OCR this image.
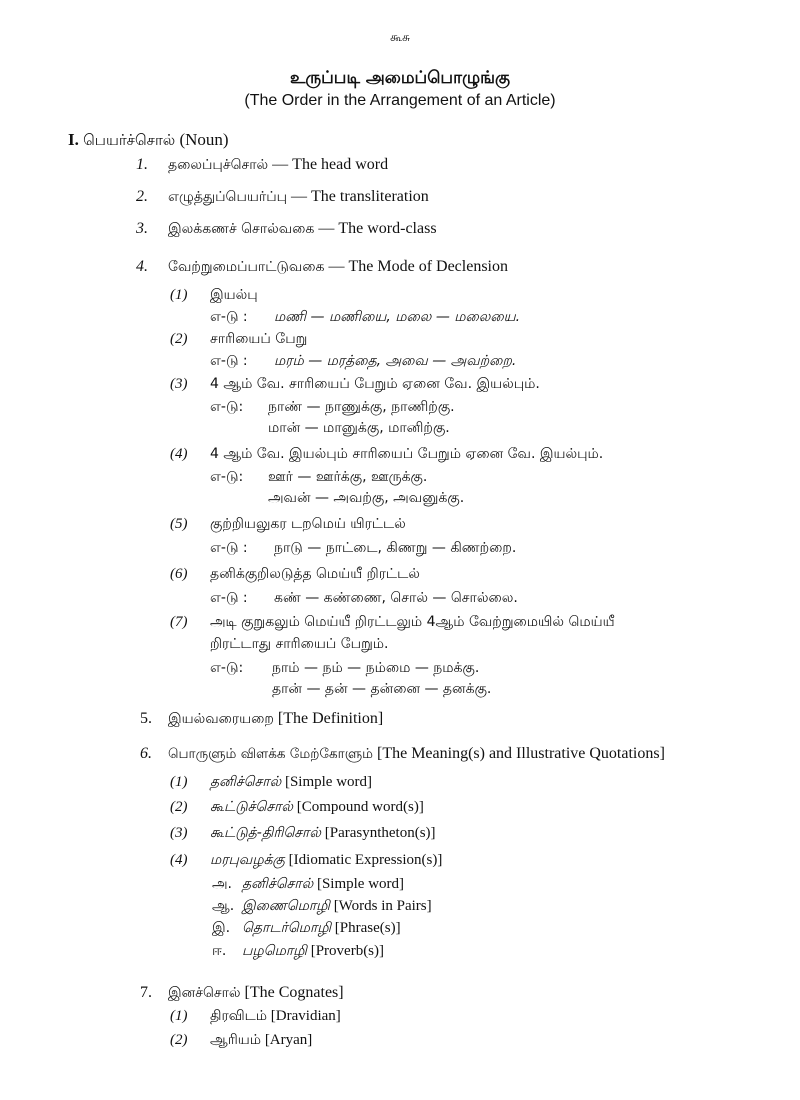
கூசு
உருப்படி அமைப்பொழுங்கு
(The Order in the Arrangement of an Article)
I. பெயர்ச்சொல் (Noun)
1. தலைப்புச்சொல் — The head word
2. எழுத்துப்பெயர்ப்பு — The transliteration
3. இலக்கணச் சொல்வகை — The word-class
4. வேற்றுமைப்பாட்டுவகை — The Mode of Declension
(1) இயல்பு
எ-டு : மணி — மணியை, மலை — மலையை.
(2) சாரியைப் பேறு
எ-டு : மரம் — மரத்தை, அவை — அவற்றை.
(3) 4 ஆம் வே. சாரியைப் பேறும் ஏனை வே. இயல்பும்.
எ-டு: நாண் — நாணுக்கு, நாணிற்கு.
மான் — மானுக்கு, மானிற்கு.
(4) 4 ஆம் வே. இயல்பும் சாரியைப் பேறும் ஏனை வே. இயல்பும்.
எ-டு: ஊர் — ஊர்க்கு, ஊருக்கு.
அவன் — அவற்கு, அவனுக்கு.
(5) குற்றியலுகர டறமெய் யிரட்டல்
எ-டு : நாடு — நாட்டை, கிணறு — கிணற்றை.
(6) தனிக்குறிலடுத்த மெய்யீ றிரட்டல்
எ-டு : கண் — கண்ணை, சொல் — சொல்லை.
(7) அடி குறுகலும் மெய்யீ றிரட்டலும் 4ஆம் வேற்றுமையில் மெய்யீ
றிரட்டாது சாரியைப் பேறும்.
எ-டு: நாம் — நம் — நம்மை — நமக்கு.
தான் — தன் — தன்னை — தனக்கு.
5. இயல்வரையறை [The Definition]
6. பொருளும் விளக்க மேற்கோளும் [The Meaning(s) and Illustrative Quotations]
(1) தனிச்சொல் [Simple word]
(2) கூட்டுச்சொல் [Compound word(s)]
(3) கூட்டுத்-திரிசொல் [Parasyntheton(s)]
(4) மரபுவழக்கு [Idiomatic Expression(s)]
அ. தனிச்சொல் [Simple word]
ஆ. இணைமொழி [Words in Pairs]
இ. தொடர்மொழி [Phrase(s)]
ஈ. பழமொழி [Proverb(s)]
7. இனச்சொல் [The Cognates]
(1) திரவிடம் [Dravidian]
(2) ஆரியம் [Aryan]
